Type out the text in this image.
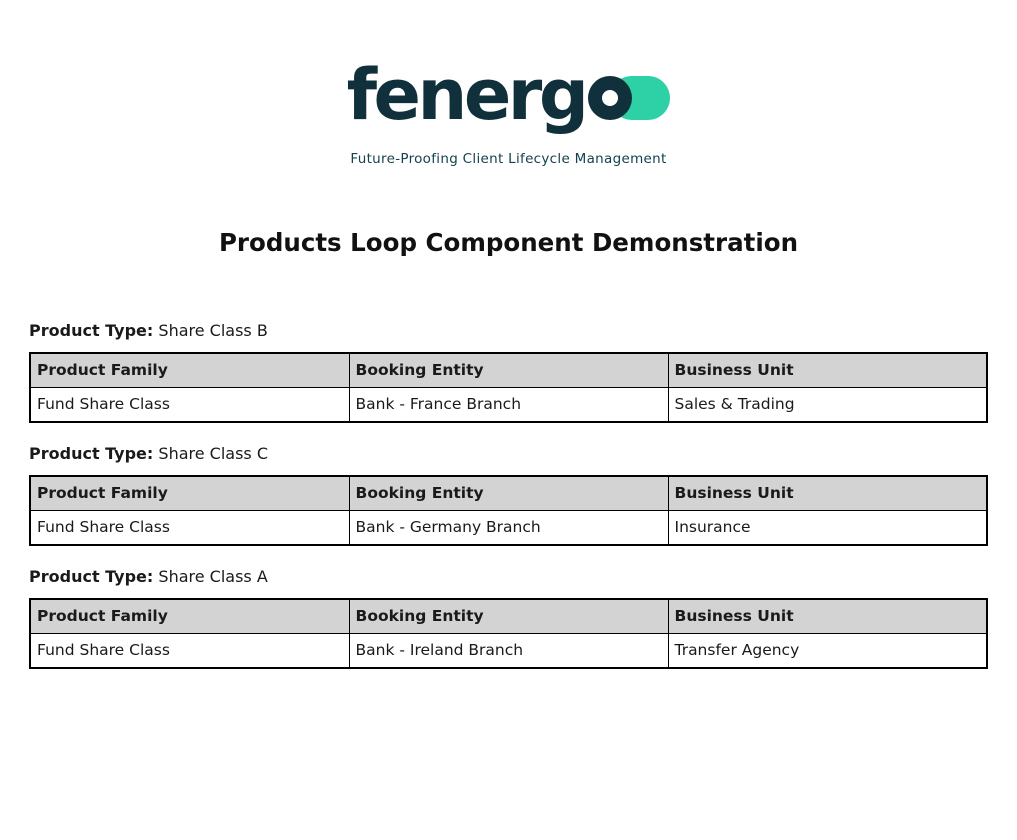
fenerg
Future-Proofing Client Lifecycle Management
Products Loop Component Demonstration

Product Type: Share Class B

Product Family	Booking Entity	Business Unit
Fund Share Class	Bank - France Branch	Sales & Trading

Product Type: Share Class C

Product Family	Booking Entity	Business Unit
Fund Share Class	Bank - Germany Branch	Insurance

Product Type: Share Class A

Product Family	Booking Entity	Business Unit
Fund Share Class	Bank - Ireland Branch	Transfer Agency
